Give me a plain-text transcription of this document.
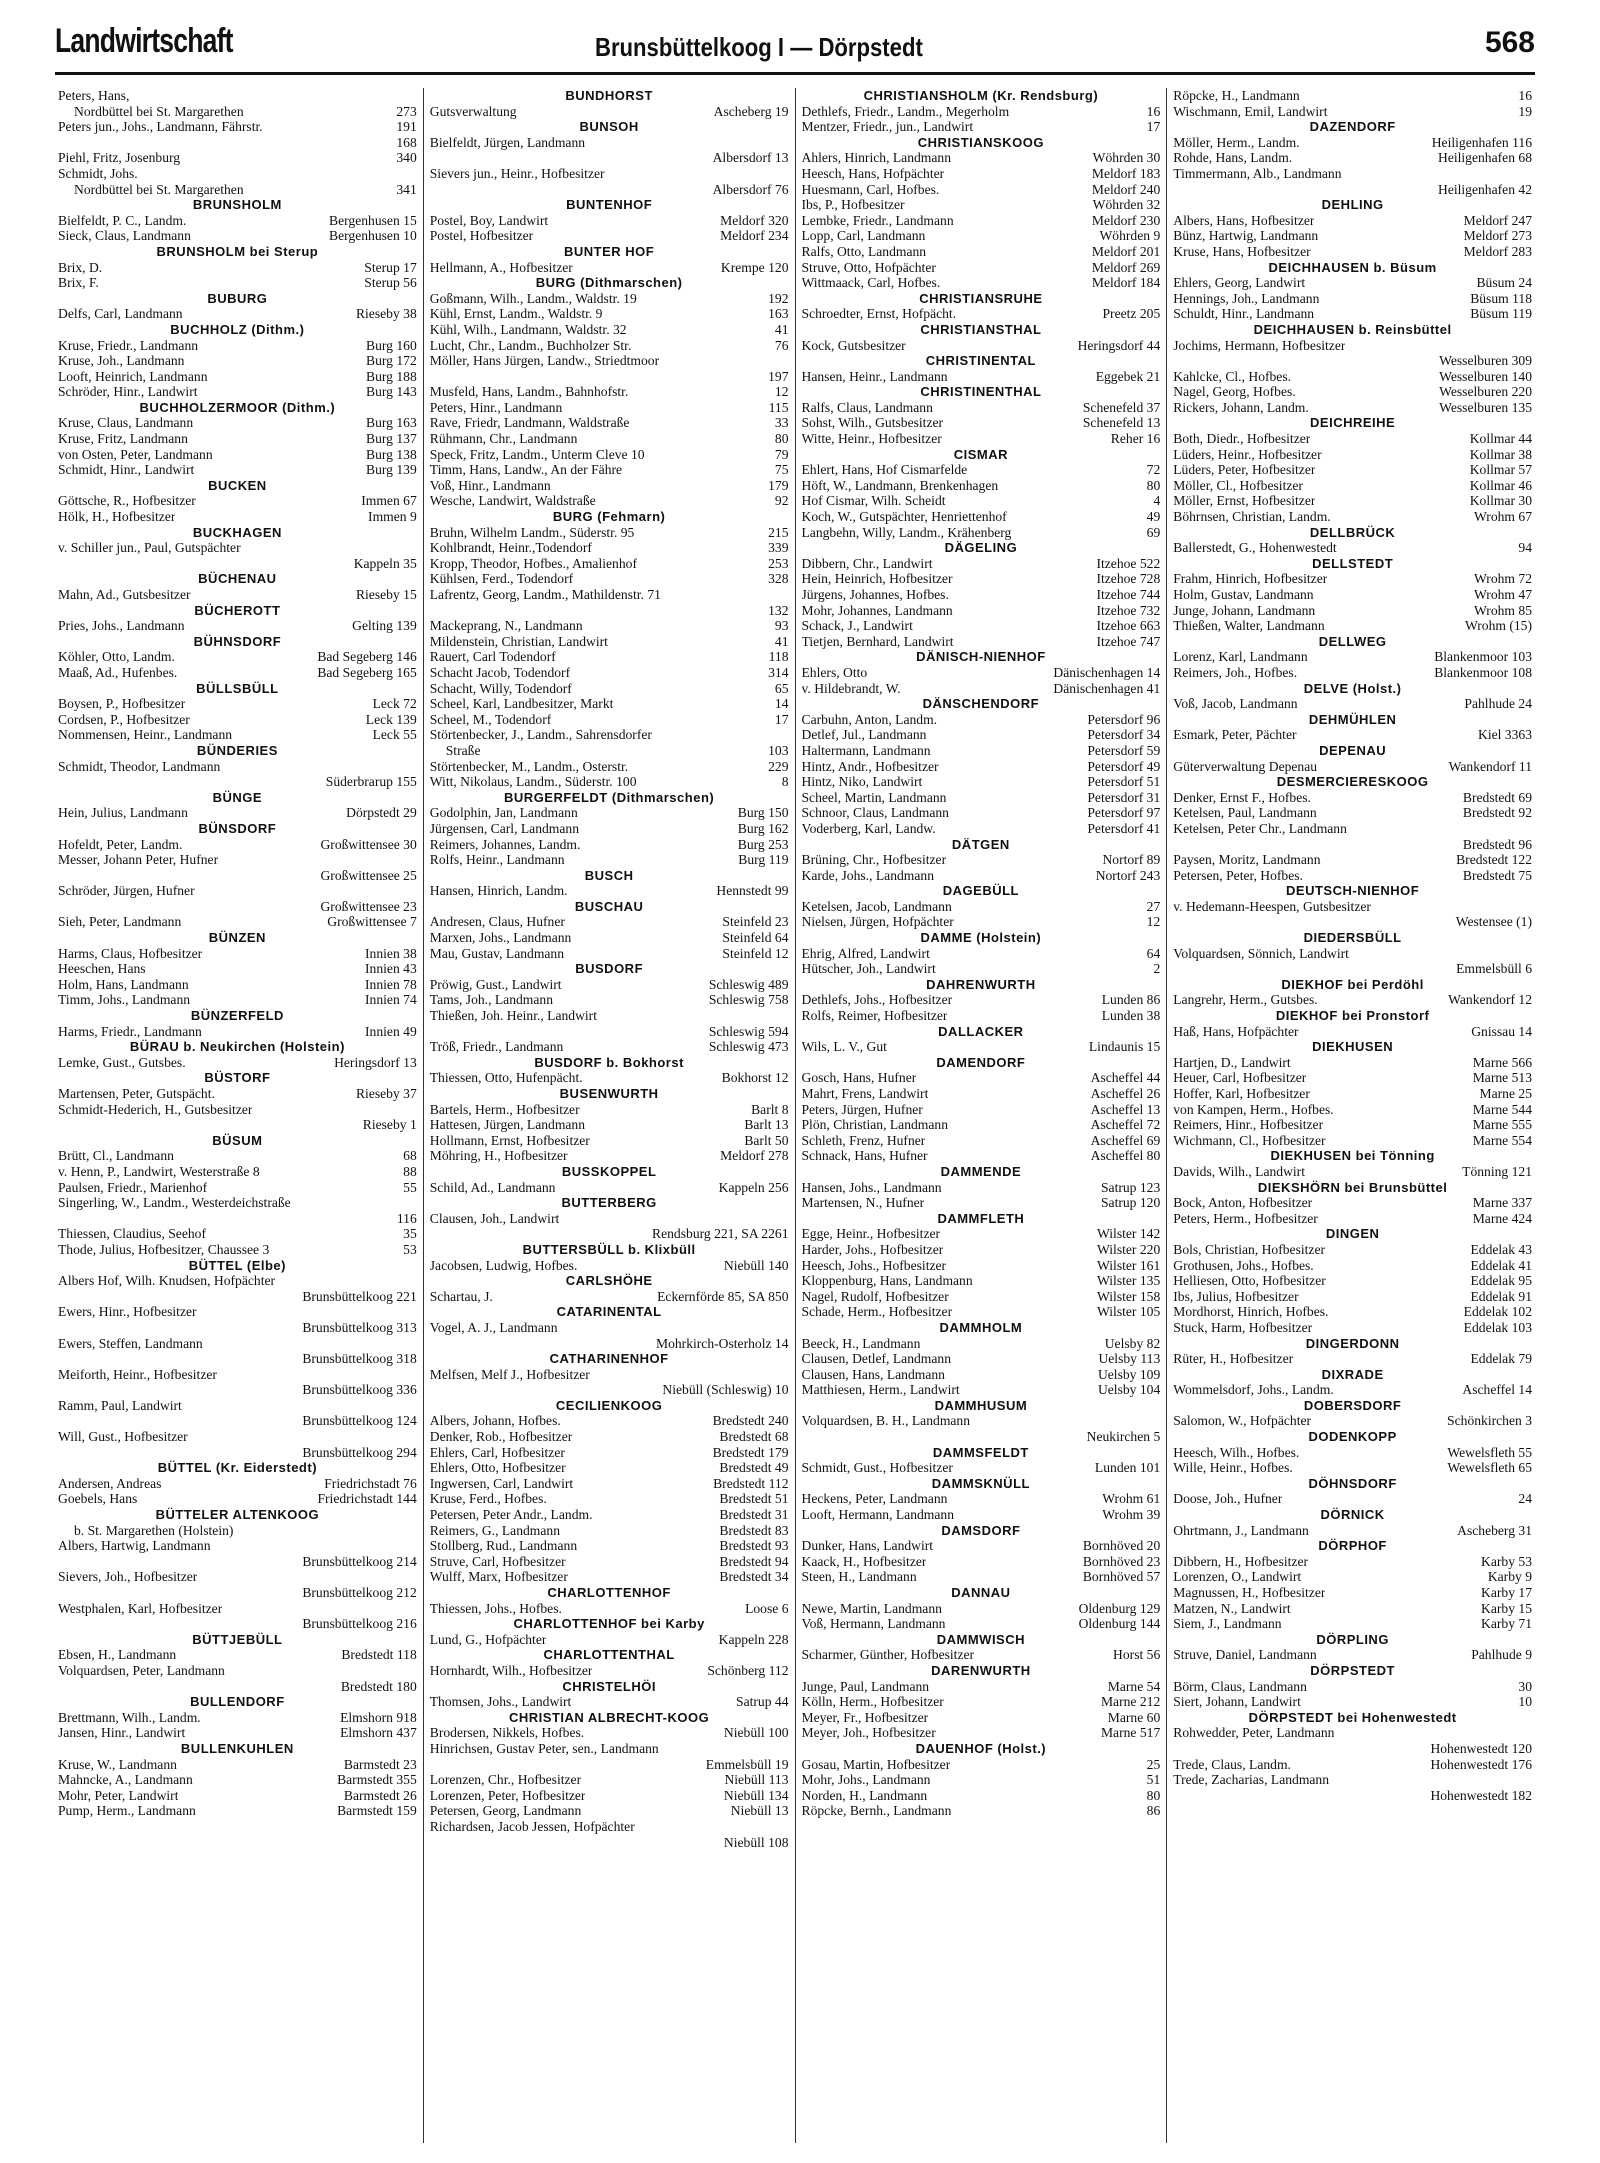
Landwirtschaft	Brunsbüttelkoog I — Dörpstedt	568
Peters, Hans,
Nordbüttel bei St. Margarethen	273
Peters jun., Johs., Landmann, Fährstr.	191
168
Piehl, Fritz, Josenburg	340
Schmidt, Johs.
Nordbüttel bei St. Margarethen	341
BRUNSHOLM
Bielfeldt, P. C., Landm.	Bergenhusen 15
Sieck, Claus, Landmann	Bergenhusen 10
BRUNSHOLM bei Sterup
Brix, D.	Sterup 17
Brix, F.	Sterup 56
BUBURG
Delfs, Carl, Landmann	Rieseby 38
BUCHHOLZ (Dithm.)
Kruse, Friedr., Landmann	Burg 160
Kruse, Joh., Landmann	Burg 172
Looft, Heinrich, Landmann	Burg 188
Schröder, Hinr., Landwirt	Burg 143
BUCHHOLZERMOOR (Dithm.)
Kruse, Claus, Landmann	Burg 163
Kruse, Fritz, Landmann	Burg 137
von Osten, Peter, Landmann	Burg 138
Schmidt, Hinr., Landwirt	Burg 139
BUCKEN
Göttsche, R., Hofbesitzer	Immen 67
Hölk, H., Hofbesitzer	Immen 9
BUCKHAGEN
v. Schiller jun., Paul, Gutspächter
Kappeln 35
BÜCHENAU
Mahn, Ad., Gutsbesitzer	Rieseby 15
BÜCHEROTT
Pries, Johs., Landmann	Gelting 139
BÜHNSDORF
Köhler, Otto, Landm.	Bad Segeberg 146
Maaß, Ad., Hufenbes.	Bad Segeberg 165
BÜLLSBÜLL
Boysen, P., Hofbesitzer	Leck 72
Cordsen, P., Hofbesitzer	Leck 139
Nommensen, Heinr., Landmann	Leck 55
BÜNDERIES
Schmidt, Theodor, Landmann
Süderbrarup 155
BÜNGE
Hein, Julius, Landmann	Dörpstedt 29
BÜNSDORF
Hofeldt, Peter, Landm.	Großwittensee 30
Messer, Johann Peter, Hufner
Großwittensee 25
Schröder, Jürgen, Hufner
Großwittensee 23
Sieh, Peter, Landmann	Großwittensee 7
BÜNZEN
Harms, Claus, Hofbesitzer	Innien 38
Heeschen, Hans	Innien 43
Holm, Hans, Landmann	Innien 78
Timm, Johs., Landmann	Innien 74
BÜNZERFELD
Harms, Friedr., Landmann	Innien 49
BÜRAU b. Neukirchen (Holstein)
Lemke, Gust., Gutsbes.	Heringsdorf 13
BÜSTORF
Martensen, Peter, Gutspächt.	Rieseby 37
Schmidt-Hederich, H., Gutsbesitzer
Rieseby 1
BÜSUM
Brütt, Cl., Landmann	68
v. Henn, P., Landwirt, Westerstraße 8	88
Paulsen, Friedr., Marienhof	55
Singerling, W., Landm., Westerdeichstraße
116
Thiessen, Claudius, Seehof	35
Thode, Julius, Hofbesitzer, Chaussee 3	53
BÜTTEL (Elbe)
Albers Hof, Wilh. Knudsen, Hofpächter
Brunsbüttelkoog 221
Ewers, Hinr., Hofbesitzer
Brunsbüttelkoog 313
Ewers, Steffen, Landmann
Brunsbüttelkoog 318
Meiforth, Heinr., Hofbesitzer
Brunsbüttelkoog 336
Ramm, Paul, Landwirt
Brunsbüttelkoog 124
Will, Gust., Hofbesitzer
Brunsbüttelkoog 294
BÜTTEL (Kr. Eiderstedt)
Andersen, Andreas	Friedrichstadt 76
Goebels, Hans	Friedrichstadt 144
BÜTTELER ALTENKOOG
b. St. Margarethen (Holstein)
Albers, Hartwig, Landmann
Brunsbüttelkoog 214
Sievers, Joh., Hofbesitzer
Brunsbüttelkoog 212
Westphalen, Karl, Hofbesitzer
Brunsbüttelkoog 216
BÜTTJEBÜLL
Ebsen, H., Landmann	Bredstedt 118
Volquardsen, Peter, Landmann
Bredstedt 180
BULLENDORF
Brettmann, Wilh., Landm.	Elmshorn 918
Jansen, Hinr., Landwirt	Elmshorn 437
BULLENKUHLEN
Kruse, W., Landmann	Barmstedt 23
Mahncke, A., Landmann	Barmstedt 355
Mohr, Peter, Landwirt	Barmstedt 26
Pump, Herm., Landmann	Barmstedt 159
BUNDHORST
Gutsverwaltung	Ascheberg 19
BUNSOH
Bielfeldt, Jürgen, Landmann
Albersdorf 13
Sievers jun., Heinr., Hofbesitzer
Albersdorf 76
BUNTENHOF
Postel, Boy, Landwirt	Meldorf 320
Postel, Hofbesitzer	Meldorf 234
BUNTER HOF
Hellmann, A., Hofbesitzer	Krempe 120
BURG (Dithmarschen)
Goßmann, Wilh., Landm., Waldstr. 19	192
Kühl, Ernst, Landm., Waldstr. 9	163
Kühl, Wilh., Landmann, Waldstr. 32	41
Lucht, Chr., Landm., Buchholzer Str.	76
Möller, Hans Jürgen, Landw., Striedtmoor
197
Musfeld, Hans, Landm., Bahnhofstr.	12
Peters, Hinr., Landmann	115
Rave, Friedr, Landmann, Waldstraße	33
Rühmann, Chr., Landmann	80
Speck, Fritz, Landm., Unterm Cleve 10	79
Timm, Hans, Landw., An der Fähre	75
Voß, Hinr., Landmann	179
Wesche, Landwirt, Waldstraße	92
BURG (Fehmarn)
Bruhn, Wilhelm Landm., Süderstr. 95	215
Kohlbrandt, Heinr.,Todendorf	339
Kropp, Theodor, Hofbes., Amalienhof	253
Kühlsen, Ferd., Todendorf	328
Lafrentz, Georg, Landm., Mathildenstr. 71
132
Mackeprang, N., Landmann	93
Mildenstein, Christian, Landwirt	41
Rauert, Carl Todendorf	118
Schacht Jacob, Todendorf	314
Schacht, Willy, Todendorf	65
Scheel, Karl, Landbesitzer, Markt	14
Scheel, M., Todendorf	17
Störtenbecker, J., Landm., Sahrensdorfer
Straße	103
Störtenbecker, M., Landm., Osterstr.	229
Witt, Nikolaus, Landm., Süderstr. 100	8
BURGERFELDT (Dithmarschen)
Godolphin, Jan, Landmann	Burg 150
Jürgensen, Carl, Landmann	Burg 162
Reimers, Johannes, Landm.	Burg 253
Rolfs, Heinr., Landmann	Burg 119
BUSCH
Hansen, Hinrich, Landm.	Hennstedt 99
BUSCHAU
Andresen, Claus, Hufner	Steinfeld 23
Marxen, Johs., Landmann	Steinfeld 64
Mau, Gustav, Landmann	Steinfeld 12
BUSDORF
Pröwig, Gust., Landwirt	Schleswig 489
Tams, Joh., Landmann	Schleswig 758
Thießen, Joh. Heinr., Landwirt
Schleswig 594
Tröß, Friedr., Landmann	Schleswig 473
BUSDORF b. Bokhorst
Thiessen, Otto, Hufenpächt.	Bokhorst 12
BUSENWURTH
Bartels, Herm., Hofbesitzer	Barlt 8
Hattesen, Jürgen, Landmann	Barlt 13
Hollmann, Ernst, Hofbesitzer	Barlt 50
Möhring, H., Hofbesitzer	Meldorf 278
BUSSKOPPEL
Schild, Ad., Landmann	Kappeln 256
BUTTERBERG
Clausen, Joh., Landwirt
Rendsburg 221, SA 2261
BUTTERSBÜLL b. Klixbüll
Jacobsen, Ludwig, Hofbes.	Niebüll 140
CARLSHÖHE
Schartau, J.	Eckernförde 85, SA 850
CATARINENTAL
Vogel, A. J., Landmann
Mohrkirch-Osterholz 14
CATHARINENHOF
Melfsen, Melf J., Hofbesitzer
Niebüll (Schleswig) 10
CECILIENKOOG
Albers, Johann, Hofbes.	Bredstedt 240
Denker, Rob., Hofbesitzer	Bredstedt 68
Ehlers, Carl, Hofbesitzer	Bredstedt 179
Ehlers, Otto, Hofbesitzer	Bredstedt 49
Ingwersen, Carl, Landwirt	Bredstedt 112
Kruse, Ferd., Hofbes.	Bredstedt 51
Petersen, Peter Andr., Landm.	Bredstedt 31
Reimers, G., Landmann	Bredstedt 83
Stollberg, Rud., Landmann	Bredstedt 93
Struve, Carl, Hofbesitzer	Bredstedt 94
Wulff, Marx, Hofbesitzer	Bredstedt 34
CHARLOTTENHOF
Thiessen, Johs., Hofbes.	Loose 6
CHARLOTTENHOF bei Karby
Lund, G., Hofpächter	Kappeln 228
CHARLOTTENTHAL
Hornhardt, Wilh., Hofbesitzer	Schönberg 112
CHRISTELHÖI
Thomsen, Johs., Landwirt	Satrup 44
CHRISTIAN ALBRECHT-KOOG
Brodersen, Nikkels, Hofbes.	Niebüll 100
Hinrichsen, Gustav Peter, sen., Landmann
Emmelsbüll 19
Lorenzen, Chr., Hofbesitzer	Niebüll 113
Lorenzen, Peter, Hofbesitzer	Niebüll 134
Petersen, Georg, Landmann	Niebüll 13
Richardsen, Jacob Jessen, Hofpächter
Niebüll 108
CHRISTIANSHOLM (Kr. Rendsburg)
Dethlefs, Friedr., Landm., Megerholm	16
Mentzer, Friedr., jun., Landwirt	17
CHRISTIANSKOOG
Ahlers, Hinrich, Landmann	Wöhrden 30
Heesch, Hans, Hofpächter	Meldorf 183
Huesmann, Carl, Hofbes.	Meldorf 240
Ibs, P., Hofbesitzer	Wöhrden 32
Lembke, Friedr., Landmann	Meldorf 230
Lopp, Carl, Landmann	Wöhrden 9
Ralfs, Otto, Landmann	Meldorf 201
Struve, Otto, Hofpächter	Meldorf 269
Wittmaack, Carl, Hofbes.	Meldorf 184
CHRISTIANSRUHE
Schroedter, Ernst, Hofpächt.	Preetz 205
CHRISTIANSTHAL
Kock, Gutsbesitzer	Heringsdorf 44
CHRISTINENTAL
Hansen, Heinr., Landmann	Eggebek 21
CHRISTINENTHAL
Ralfs, Claus, Landmann	Schenefeld 37
Sohst, Wilh., Gutsbesitzer	Schenefeld 13
Witte, Heinr., Hofbesitzer	Reher 16
CISMAR
Ehlert, Hans, Hof Cismarfelde	72
Höft, W., Landmann, Brenkenhagen	80
Hof Cismar, Wilh. Scheidt	4
Koch, W., Gutspächter, Henriettenhof	49
Langbehn, Willy, Landm., Krähenberg	69
DÄGELING
Dibbern, Chr., Landwirt	Itzehoe 522
Hein, Heinrich, Hofbesitzer	Itzehoe 728
Jürgens, Johannes, Hofbes.	Itzehoe 744
Mohr, Johannes, Landmann	Itzehoe 732
Schack, J., Landwirt	Itzehoe 663
Tietjen, Bernhard, Landwirt	Itzehoe 747
DÄNISCH-NIENHOF
Ehlers, Otto	Dänischenhagen 14
v. Hildebrandt, W.	Dänischenhagen 41
DÄNSCHENDORF
Carbuhn, Anton, Landm.	Petersdorf 96
Detlef, Jul., Landmann	Petersdorf 34
Haltermann, Landmann	Petersdorf 59
Hintz, Andr., Hofbesitzer	Petersdorf 49
Hintz, Niko, Landwirt	Petersdorf 51
Scheel, Martin, Landmann	Petersdorf 31
Schnoor, Claus, Landmann	Petersdorf 97
Voderberg, Karl, Landw.	Petersdorf 41
DÄTGEN
Brüning, Chr., Hofbesitzer	Nortorf 89
Karde, Johs., Landmann	Nortorf 243
DAGEBÜLL
Ketelsen, Jacob, Landmann	27
Nielsen, Jürgen, Hofpächter	12
DAMME (Holstein)
Ehrig, Alfred, Landwirt	64
Hütscher, Joh., Landwirt	2
DAHRENWURTH
Dethlefs, Johs., Hofbesitzer	Lunden 86
Rolfs, Reimer, Hofbesitzer	Lunden 38
DALLACKER
Wils, L. V., Gut	Lindaunis 15
DAMENDORF
Gosch, Hans, Hufner	Ascheffel 44
Mahrt, Frens, Landwirt	Ascheffel 26
Peters, Jürgen, Hufner	Ascheffel 13
Plön, Christian, Landmann	Ascheffel 72
Schleth, Frenz, Hufner	Ascheffel 69
Schnack, Hans, Hufner	Ascheffel 80
DAMMENDE
Hansen, Johs., Landmann	Satrup 123
Martensen, N., Hufner	Satrup 120
DAMMFLETH
Egge, Heinr., Hofbesitzer	Wilster 142
Harder, Johs., Hofbesitzer	Wilster 220
Heesch, Johs., Hofbesitzer	Wilster 161
Kloppenburg, Hans, Landmann	Wilster 135
Nagel, Rudolf, Hofbesitzer	Wilster 158
Schade, Herm., Hofbesitzer	Wilster 105
DAMMHOLM
Beeck, H., Landmann	Uelsby 82
Clausen, Detlef, Landmann	Uelsby 113
Clausen, Hans, Landmann	Uelsby 109
Matthiesen, Herm., Landwirt	Uelsby 104
DAMMHUSUM
Volquardsen, B. H., Landmann
Neukirchen 5
DAMMSFELDT
Schmidt, Gust., Hofbesitzer	Lunden 101
DAMMSKNÜLL
Heckens, Peter, Landmann	Wrohm 61
Looft, Hermann, Landmann	Wrohm 39
DAMSDORF
Dunker, Hans, Landwirt	Bornhöved 20
Kaack, H., Hofbesitzer	Bornhöved 23
Steen, H., Landmann	Bornhöved 57
DANNAU
Newe, Martin, Landmann	Oldenburg 129
Voß, Hermann, Landmann	Oldenburg 144
DAMMWISCH
Scharmer, Günther, Hofbesitzer	Horst 56
DARENWURTH
Junge, Paul, Landmann	Marne 54
Kölln, Herm., Hofbesitzer	Marne 212
Meyer, Fr., Hofbesitzer	Marne 60
Meyer, Joh., Hofbesitzer	Marne 517
DAUENHOF (Holst.)
Gosau, Martin, Hofbesitzer	25
Mohr, Johs., Landmann	51
Norden, H., Landmann	80
Röpcke, Bernh., Landmann	86
Röpcke, H., Landmann	16
Wischmann, Emil, Landwirt	19
DAZENDORF
Möller, Herm., Landm.	Heiligenhafen 116
Rohde, Hans, Landm.	Heiligenhafen 68
Timmermann, Alb., Landmann
Heiligenhafen 42
DEHLING
Albers, Hans, Hofbesitzer	Meldorf 247
Bünz, Hartwig, Landmann	Meldorf 273
Kruse, Hans, Hofbesitzer	Meldorf 283
DEICHHAUSEN b. Büsum
Ehlers, Georg, Landwirt	Büsum 24
Hennings, Joh., Landmann	Büsum 118
Schuldt, Hinr., Landmann	Büsum 119
DEICHHAUSEN b. Reinsbüttel
Jochims, Hermann, Hofbesitzer
Wesselburen 309
Kahlcke, Cl., Hofbes.	Wesselburen 140
Nagel, Georg, Hofbes.	Wesselburen 220
Rickers, Johann, Landm.	Wesselburen 135
DEICHREIHE
Both, Diedr., Hofbesitzer	Kollmar 44
Lüders, Heinr., Hofbesitzer	Kollmar 38
Lüders, Peter, Hofbesitzer	Kollmar 57
Möller, Cl., Hofbesitzer	Kollmar 46
Möller, Ernst, Hofbesitzer	Kollmar 30
Böhrnsen, Christian, Landm.	Wrohm 67
DELLBRÜCK
Ballerstedt, G., Hohenwestedt	94
DELLSTEDT
Frahm, Hinrich, Hofbesitzer	Wrohm 72
Holm, Gustav, Landmann	Wrohm 47
Junge, Johann, Landmann	Wrohm 85
Thießen, Walter, Landmann	Wrohm (15)
DELLWEG
Lorenz, Karl, Landmann	Blankenmoor 103
Reimers, Joh., Hofbes.	Blankenmoor 108
DELVE (Holst.)
Voß, Jacob, Landmann	Pahlhude 24
DEHMÜHLEN
Esmark, Peter, Pächter	Kiel 3363
DEPENAU
Güterverwaltung Depenau	Wankendorf 11
DESMERCIERESKOOG
Denker, Ernst F., Hofbes.	Bredstedt 69
Ketelsen, Paul, Landmann	Bredstedt 92
Ketelsen, Peter Chr., Landmann
Bredstedt 96
Paysen, Moritz, Landmann	Bredstedt 122
Petersen, Peter, Hofbes.	Bredstedt 75
DEUTSCH-NIENHOF
v. Hedemann-Heespen, Gutsbesitzer
Westensee (1)
DIEDERSBÜLL
Volquardsen, Sönnich, Landwirt
Emmelsbüll 6
DIEKHOF bei Perdöhl
Langrehr, Herm., Gutsbes.	Wankendorf 12
DIEKHOF bei Pronstorf
Haß, Hans, Hofpächter	Gnissau 14
DIEKHUSEN
Hartjen, D., Landwirt	Marne 566
Heuer, Carl, Hofbesitzer	Marne 513
Hoffer, Karl, Hofbesitzer	Marne 25
von Kampen, Herm., Hofbes.	Marne 544
Reimers, Hinr., Hofbesitzer	Marne 555
Wichmann, Cl., Hofbesitzer	Marne 554
DIEKHUSEN bei Tönning
Davids, Wilh., Landwirt	Tönning 121
DIEKSHÖRN bei Brunsbüttel
Bock, Anton, Hofbesitzer	Marne 337
Peters, Herm., Hofbesitzer	Marne 424
DINGEN
Bols, Christian, Hofbesitzer	Eddelak 43
Grothusen, Johs., Hofbes.	Eddelak 41
Helliesen, Otto, Hofbesitzer	Eddelak 95
Ibs, Julius, Hofbesitzer	Eddelak 91
Mordhorst, Hinrich, Hofbes.	Eddelak 102
Stuck, Harm, Hofbesitzer	Eddelak 103
DINGERDONN
Rüter, H., Hofbesitzer	Eddelak 79
DIXRADE
Wommelsdorf, Johs., Landm.	Ascheffel 14
DOBERSDORF
Salomon, W., Hofpächter	Schönkirchen 3
DODENKOPP
Heesch, Wilh., Hofbes.	Wewelsfleth 55
Wille, Heinr., Hofbes.	Wewelsfleth 65
DÖHNSDORF
Doose, Joh., Hufner	24
DÖRNICK
Ohrtmann, J., Landmann	Ascheberg 31
DÖRPHOF
Dibbern, H., Hofbesitzer	Karby 53
Lorenzen, O., Landwirt	Karby 9
Magnussen, H., Hofbesitzer	Karby 17
Matzen, N., Landwirt	Karby 15
Siem, J., Landmann	Karby 71
DÖRPLING
Struve, Daniel, Landmann	Pahlhude 9
DÖRPSTEDT
Börm, Claus, Landmann	30
Siert, Johann, Landwirt	10
DÖRPSTEDT bei Hohenwestedt
Rohwedder, Peter, Landmann
Hohenwestedt 120
Trede, Claus, Landm.	Hohenwestedt 176
Trede, Zacharias, Landmann
Hohenwestedt 182
